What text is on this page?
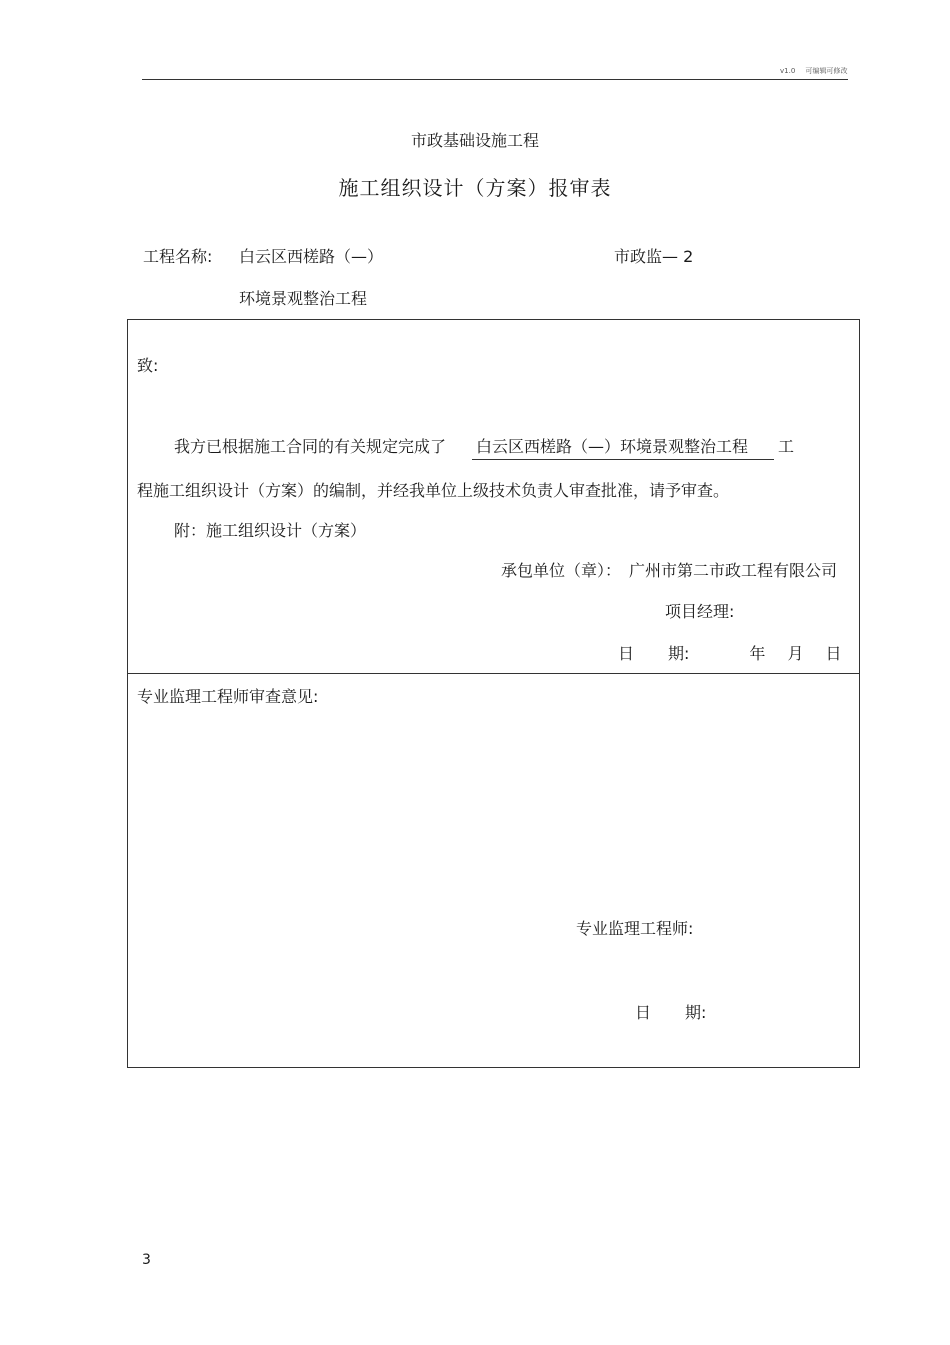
v1.0 可编辑可修改
市政基础设施工程
施工组织设计（方案）报审表
工程名称: 白云区西槎路（—）
环境景观整治工程
市政监— 2
致:
我方已根据施工合同的有关规定完成了 白云区西槎路（—）环境景观整治工程 工
程施工组织设计（方案）的编制，并经我单位上级技术负责人审查批准，请予审查。
附：施工组织设计（方案）
承包单位（章）： 广州市第二市政工程有限公司
项目经理:
日 期:	年 月 日
专业监理工程师审查意见:
专业监理工程师:
日 期:
3
